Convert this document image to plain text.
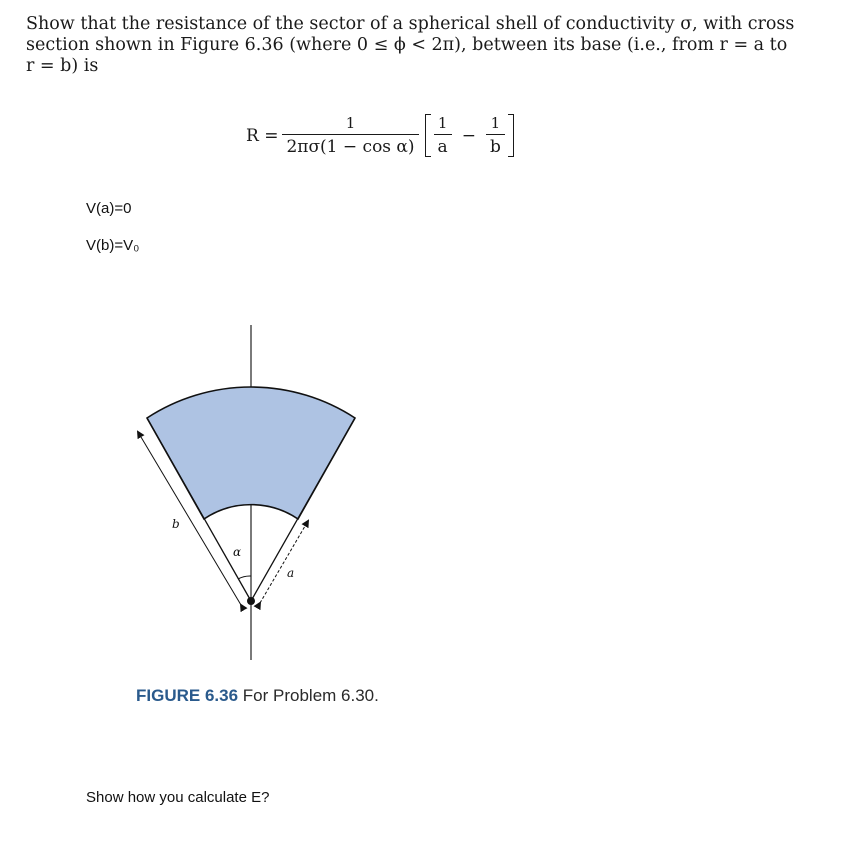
Show that the resistance of the sector of a spherical shell of conductivity σ, with cross
section shown in Figure 6.36 (where 0 ≤ ϕ < 2π), between its base (i.e., from r = a to
r = b) is
$R = \frac{1}{\text{2πσ(1 − cos α)}} \frac{1}{a} - \frac{1}{b}$
V(a)=0
V(b)=V₀
b
α
a
FIGURE 6.36 For Problem 6.30.
Show how you calculate E?
